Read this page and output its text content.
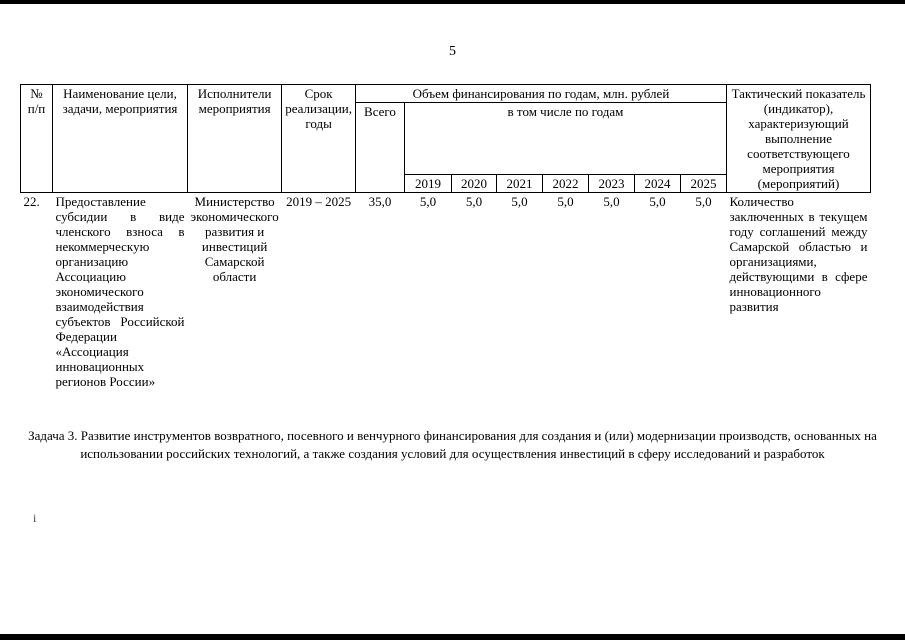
5
№ п/п	Наименование цели, задачи, мероприятия	Исполнители мероприятия	Срок реализации, годы	Объем финансирования по годам, млн. рублей								Тактический показатель (индикатор), характеризующий выполнение соответствующего мероприятия (мероприятий)
				Всего	в том числе по годам							
					2019	2020	2021	2022	2023	2024	2025	
22.	Предоставление субсидии в виде членского взноса в некоммерческую организацию Ассоциацию экономического взаимодействия субъектов Российской Федерации «Ассоциация инновационных регионов России»	Министерство экономического развития и инвестиций Самарской области	2019 – 2025	35,0	5,0	5,0	5,0	5,0	5,0	5,0	5,0	Количество заключенных в текущем году соглашений между Самарской областью и организациями, действующими в сфере инновационного развития
Задача 3. Развитие инструментов возвратного, посевного и венчурного финансирования для создания и (или) модернизации производств, основанных на использовании российских технологий, а также создания условий для осуществления инвестиций в сферу исследований и разработок
i
